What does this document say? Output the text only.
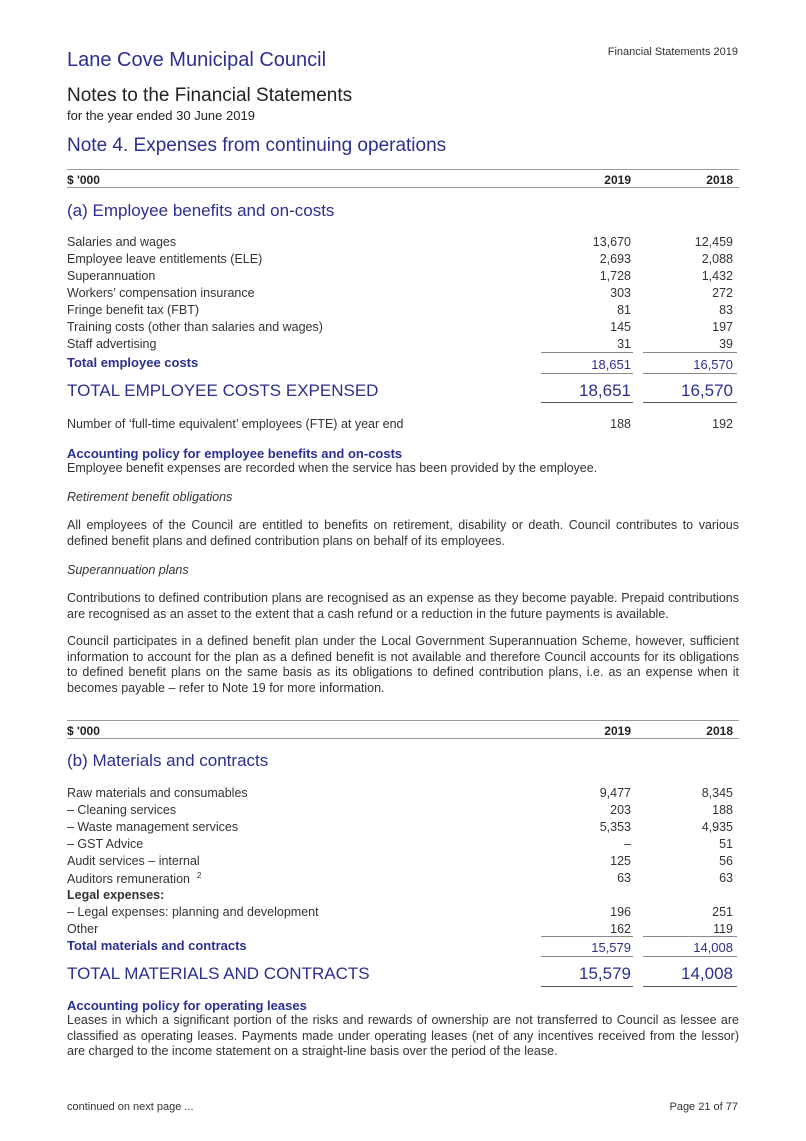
Lane Cove Municipal Council	Financial Statements 2019
Notes to the Financial Statements
for the year ended 30 June 2019
Note 4. Expenses from continuing operations
$ '000	2019	2018
(a) Employee benefits and on-costs
Salaries and wages	13,670	12,459
Employee leave entitlements (ELE)	2,693	2,088
Superannuation	1,728	1,432
Workers’ compensation insurance	303	272
Fringe benefit tax (FBT)	81	83
Training costs (other than salaries and wages)	145	197
Staff advertising	31	39
Total employee costs	18,651	16,570
TOTAL EMPLOYEE COSTS EXPENSED	18,651	16,570
Number of ‘full-time equivalent’ employees (FTE) at year end	188	192
Accounting policy for employee benefits and on-costs
Employee benefit expenses are recorded when the service has been provided by the employee.
Retirement benefit obligations
All employees of the Council are entitled to benefits on retirement, disability or death. Council contributes to various defined benefit plans and defined contribution plans on behalf of its employees.
Superannuation plans
Contributions to defined contribution plans are recognised as an expense as they become payable. Prepaid contributions are recognised as an asset to the extent that a cash refund or a reduction in the future payments is available.
Council participates in a defined benefit plan under the Local Government Superannuation Scheme, however, sufficient information to account for the plan as a defined benefit is not available and therefore Council accounts for its obligations to defined benefit plans on the same basis as its obligations to defined contribution plans, i.e. as an expense when it becomes payable – refer to Note 19 for more information.
$ '000	2019	2018
(b) Materials and contracts
Raw materials and consumables	9,477	8,345
– Cleaning services	203	188
– Waste management services	5,353	4,935
– GST Advice	–	51
Audit services – internal	125	56
Auditors remuneration $^2$	63	63
Legal expenses:
– Legal expenses: planning and development	196	251
Other	162	119
Total materials and contracts	15,579	14,008
TOTAL MATERIALS AND CONTRACTS	15,579	14,008
Accounting policy for operating leases
Leases in which a significant portion of the risks and rewards of ownership are not transferred to Council as lessee are classified as operating leases. Payments made under operating leases (net of any incentives received from the lessor) are charged to the income statement on a straight-line basis over the period of the lease.
continued on next page ...	Page 21 of 77
